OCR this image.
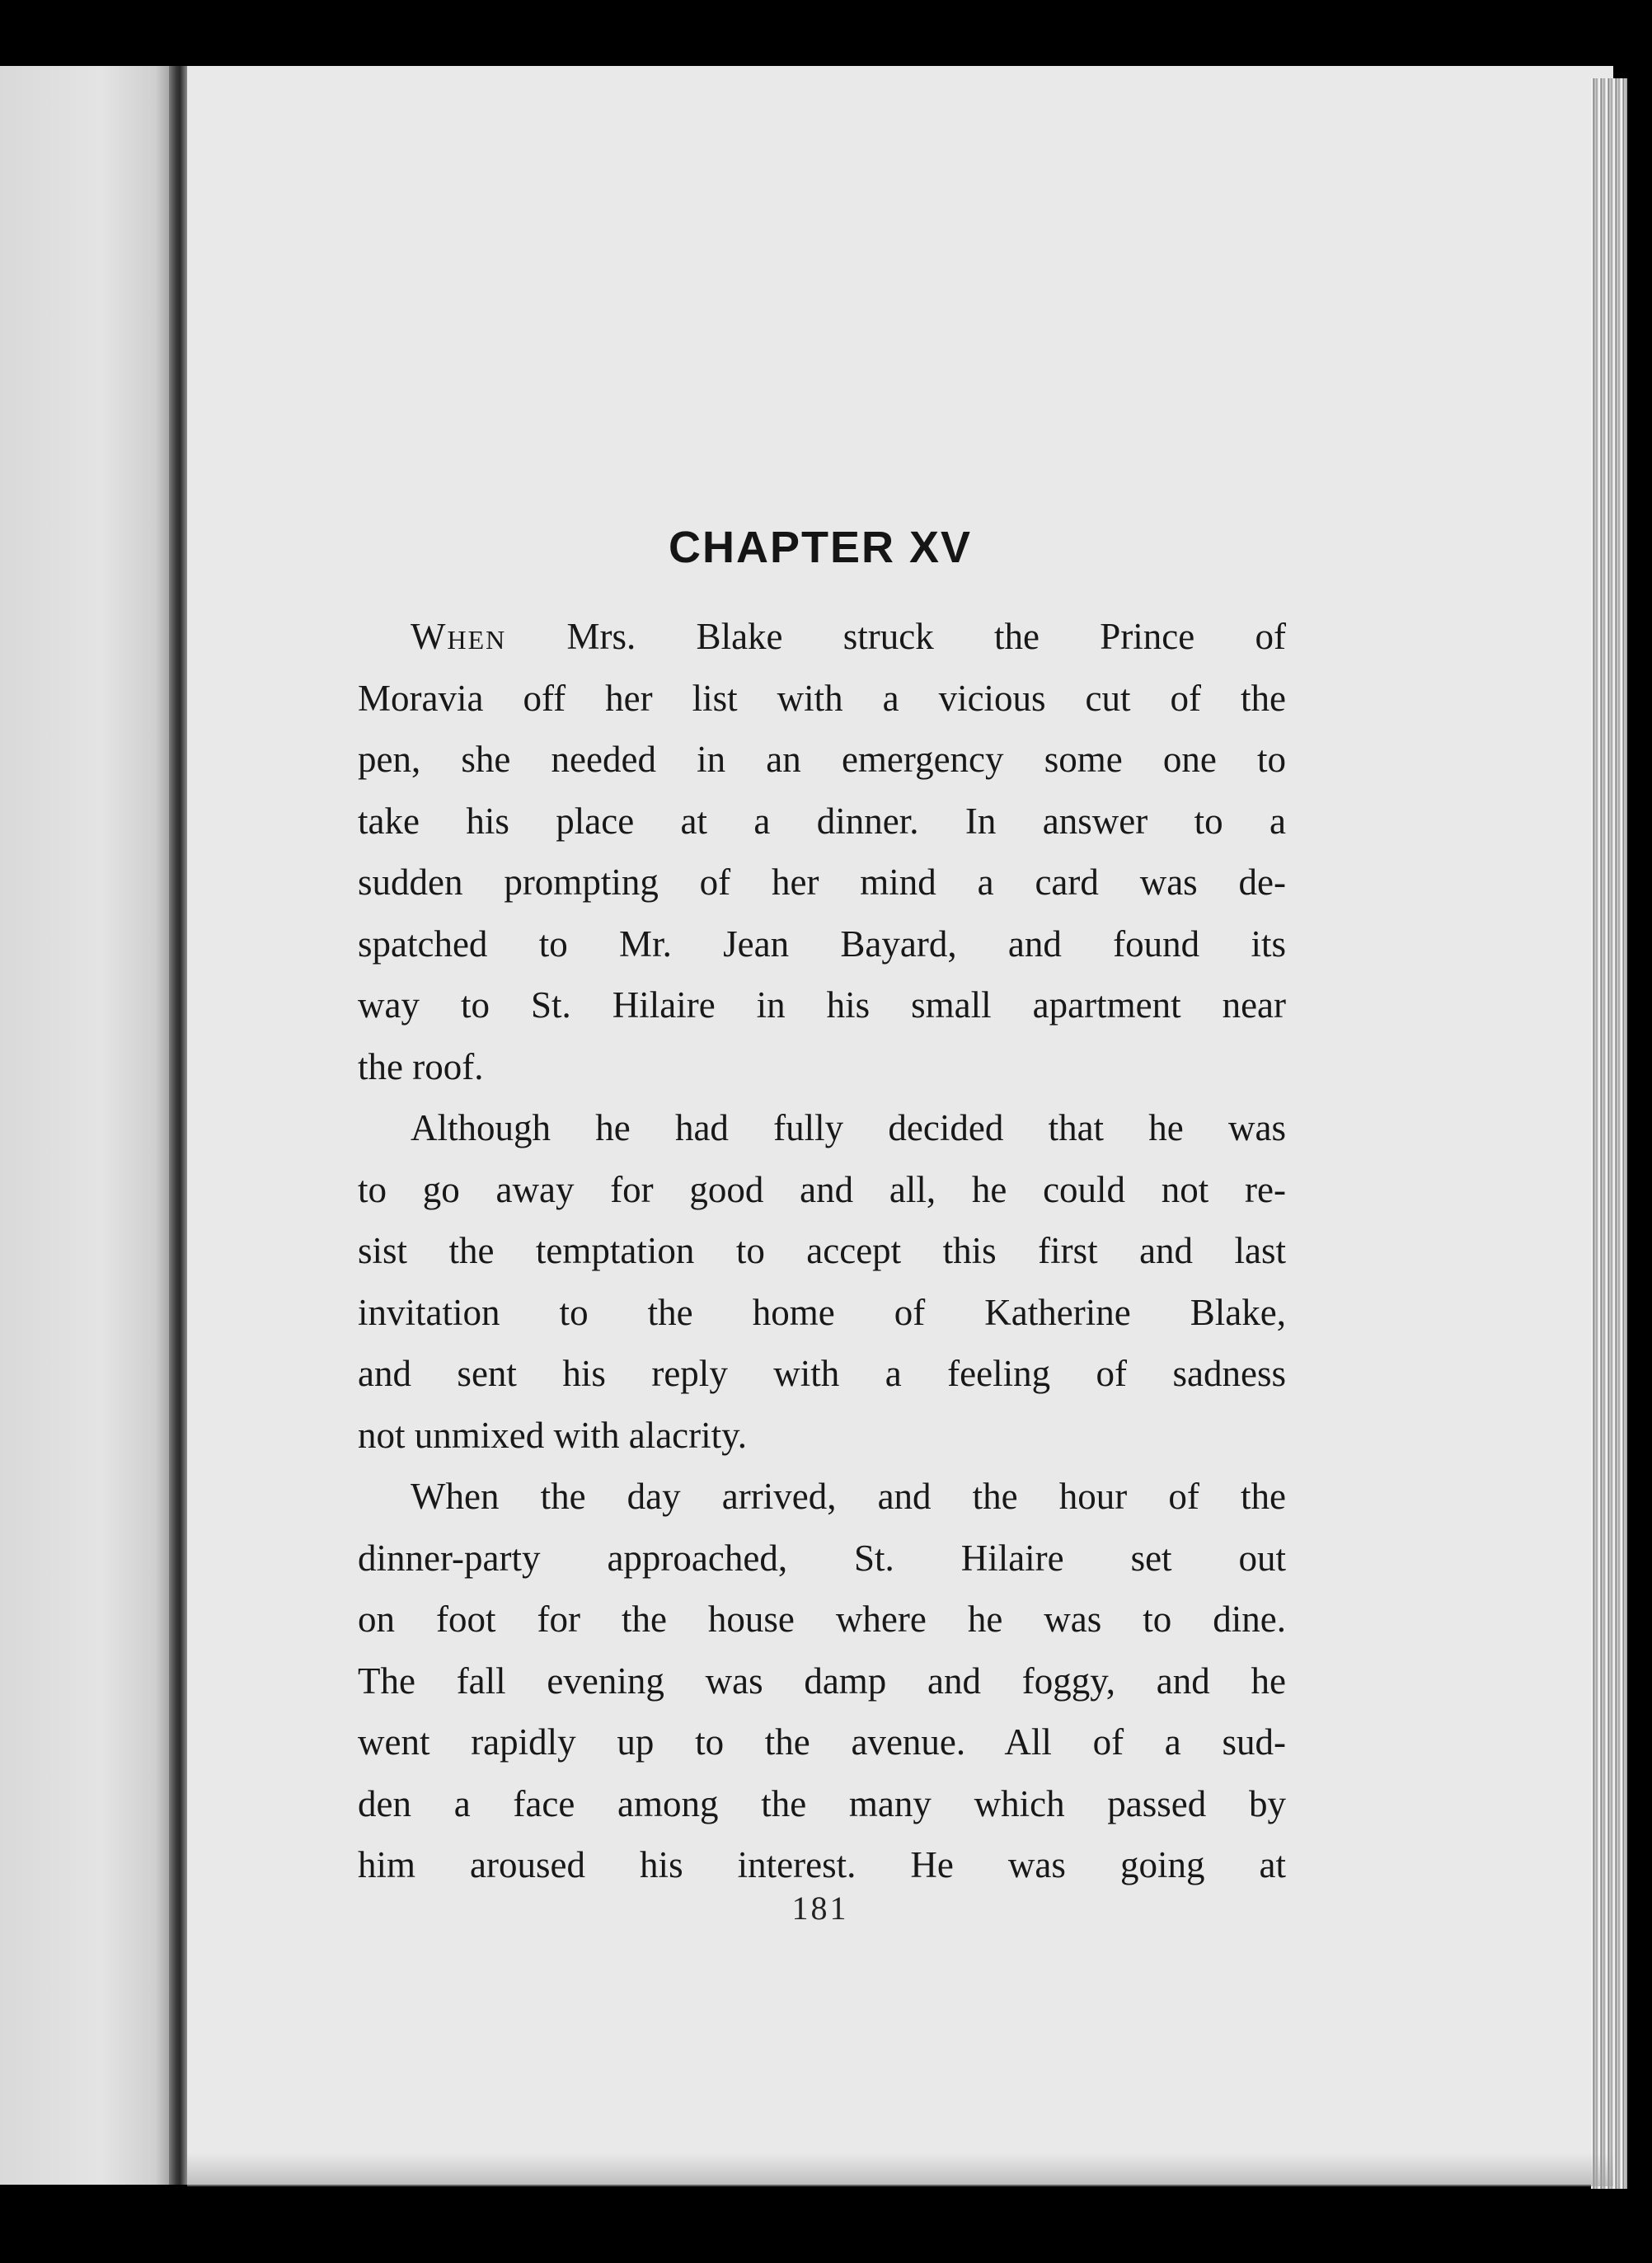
CHAPTER XV

When Mrs. Blake struck the Prince of
Moravia off her list with a vicious cut of the
pen, she needed in an emergency some one to
take his place at a dinner. In answer to a
sudden prompting of her mind a card was de-
spatched to Mr. Jean Bayard, and found its
way to St. Hilaire in his small apartment near
the roof.

Although he had fully decided that he was
to go away for good and all, he could not re-
sist the temptation to accept this first and last
invitation to the home of Katherine Blake,
and sent his reply with a feeling of sadness
not unmixed with alacrity.

When the day arrived, and the hour of the
dinner-party approached, St. Hilaire set out
on foot for the house where he was to dine.
The fall evening was damp and foggy, and he
went rapidly up to the avenue. All of a sud-
den a face among the many which passed by
him aroused his interest. He was going at

181
